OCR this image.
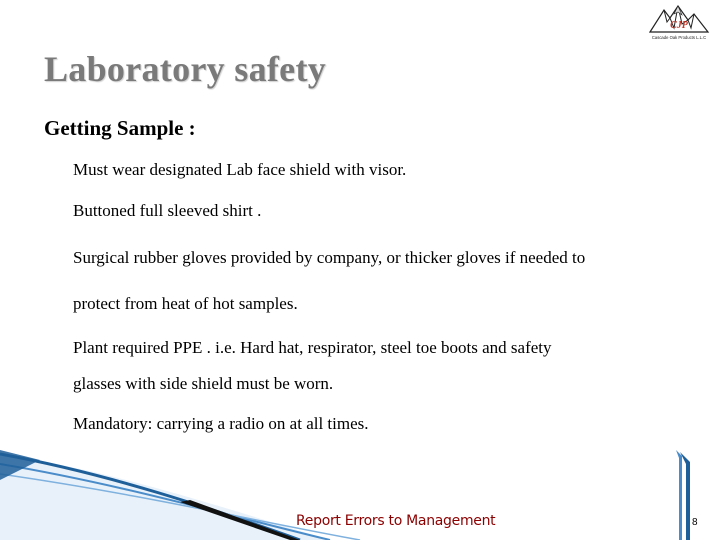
CJP
Cascade Oak Products L.L.C
Laboratory safety
Getting Sample :
Must wear designated Lab face shield with visor.
Buttoned full sleeved shirt .
Surgical rubber gloves provided by company, or thicker gloves if needed to
protect from heat of hot samples.
Plant required PPE . i.e. Hard hat, respirator, steel toe boots and safety
glasses with side shield must be worn.
Mandatory: carrying a radio on at all times.
Report Errors to Management	8
